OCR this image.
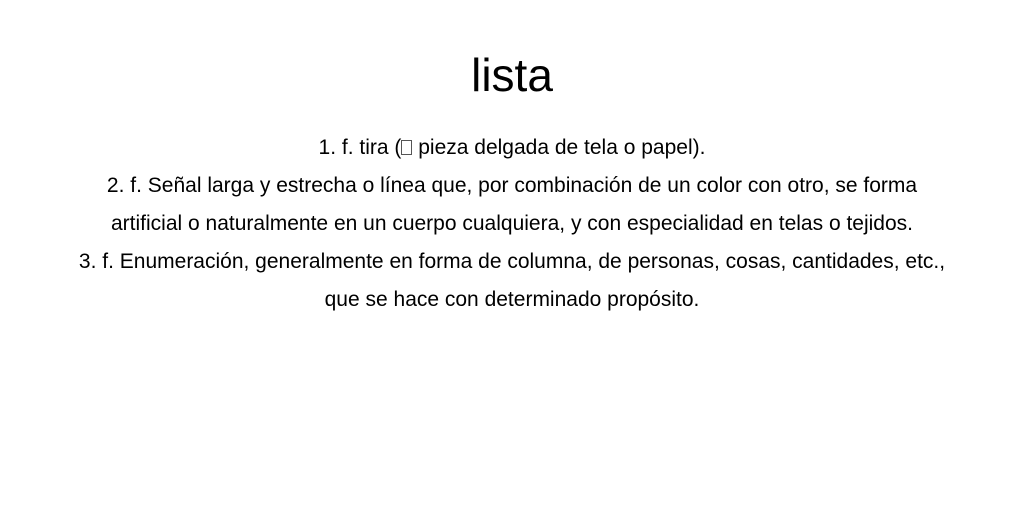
lista

1. f. tira ( pieza delgada de tela o papel).

2. f. Señal larga y estrecha o línea que, por combinación de un color con otro, se forma artificial o naturalmente en un cuerpo cualquiera, y con especialidad en telas o tejidos.

3. f. Enumeración, generalmente en forma de columna, de personas, cosas, cantidades, etc., que se hace con determinado propósito.
